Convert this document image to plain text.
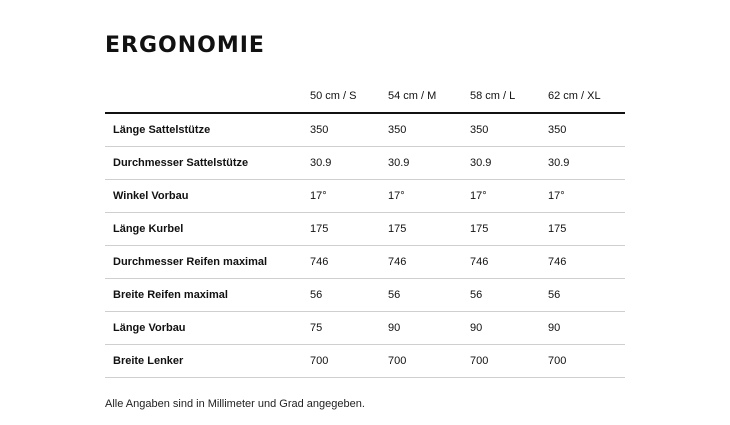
ERGONOMIE
	50 cm / S	54 cm / M	58 cm / L	62 cm / XL
Länge Sattelstütze	350	350	350	350
Durchmesser Sattelstütze	30.9	30.9	30.9	30.9
Winkel Vorbau	17°	17°	17°	17°
Länge Kurbel	175	175	175	175
Durchmesser Reifen maximal	746	746	746	746
Breite Reifen maximal	56	56	56	56
Länge Vorbau	75	90	90	90
Breite Lenker	700	700	700	700

Alle Angaben sind in Millimeter und Grad angegeben.
